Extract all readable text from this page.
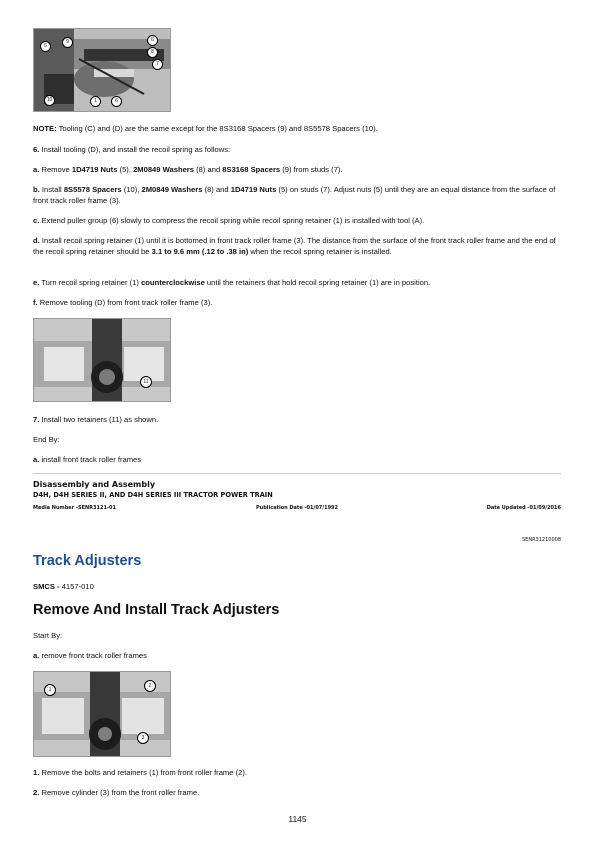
5
9	6
8
7
10	1	6

NOTE: Tooling (C) and (D) are the same except for the 8S3168 Spacers (9) and 8S5578 Spacers (10).

6. Install tooling (D), and install the recoil spring as follows:

a. Remove 1D4719 Nuts (5), 2M0849 Washers (8) and 8S3168 Spacers (9) from studs (7).

b. Install 8S5578 Spacers (10), 2M0849 Washers (8) and 1D4719 Nuts (5) on studs (7). Adjust nuts (5) until they are an equal distance from the surface of front track roller frame (3).

c. Extend puller group (6) slowly to compress the recoil spring while recoil spring retainer (1) is installed with tool (A).

d. Install recoil spring retainer (1) until it is bottomed in front track roller frame (3). The distance from the surface of the front track roller frame and the end of the recoil spring retainer should be 3.1 to 9.6 mm (.12 to .38 in) when the recoil spring retainer is installed.

e. Turn recoil spring retainer (1) counterclockwise until the retainers that hold recoil spring retainer (1) are in position.

f. Remove tooling (D) from front track roller frame (3).

11

7. Install two retainers (11) as shown.

End By:

a. install front track roller frames

Disassembly and Assembly
D4H, D4H SERIES II, AND D4H SERIES III TRACTOR POWER TRAIN
Media Number -SENR3121-01	Publication Date -01/07/1992	Date Updated -01/09/2016
SENR31210008
Track Adjusters

SMCS - 4157-010

Remove And Install Track Adjusters

Start By:

a. remove front track roller frames

1
2
3

1. Remove the bolts and retainers (1) from front roller frame (2).

2. Remove cylinder (3) from the front roller frame.

1145
